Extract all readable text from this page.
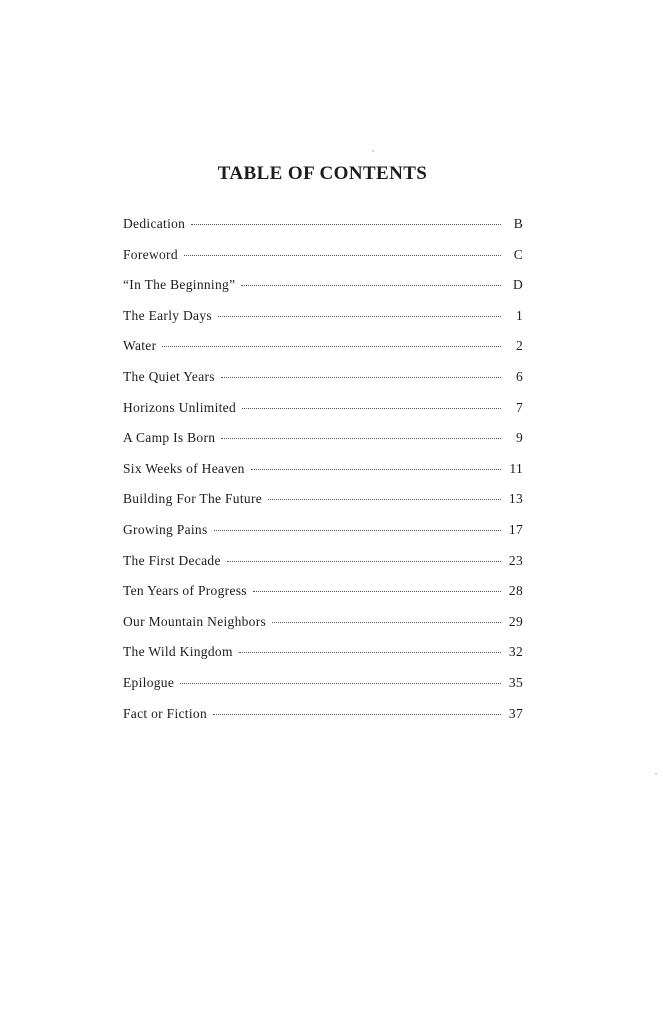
TABLE OF CONTENTS
Dedication	B
Foreword	C
“In The Beginning”	D
The Early Days	1
Water	2
The Quiet Years	6
Horizons Unlimited	7
A Camp Is Born	9
Six Weeks of Heaven	11
Building For The Future	13
Growing Pains	17
The First Decade	23
Ten Years of Progress	28
Our Mountain Neighbors	29
The Wild Kingdom	32
Epilogue	35
Fact or Fiction	37
